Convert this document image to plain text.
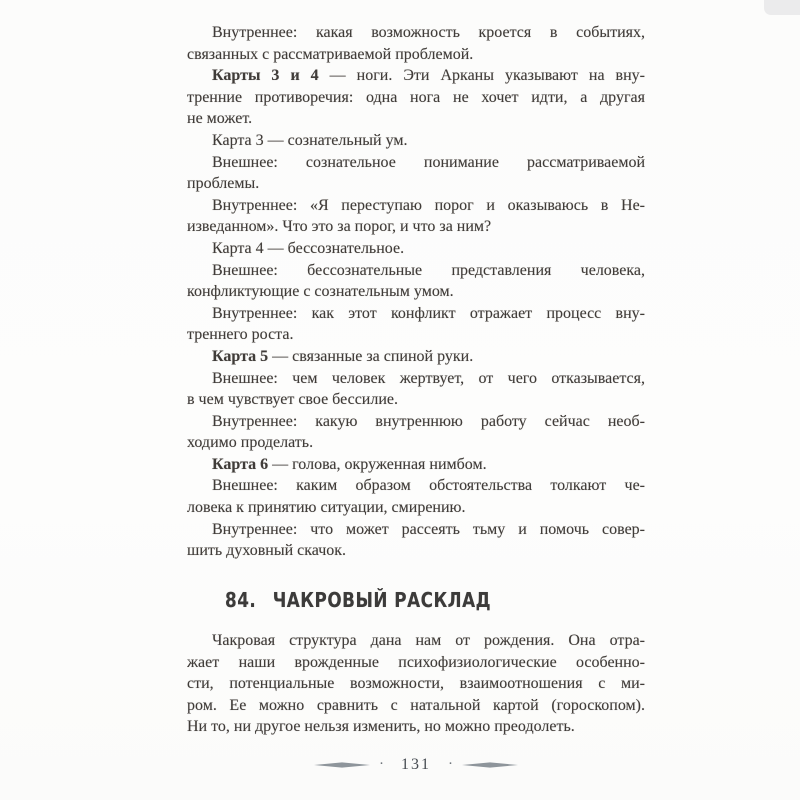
Внутреннее: какая возможность кроется в событиях,
связанных с рассматриваемой проблемой.
Карты 3 и 4 — ноги. Эти Арканы указывают на вну-
тренние противоречия: одна нога не хочет идти, а другая
не может.
Карта 3 — сознательный ум.
Внешнее: сознательное понимание рассматриваемой
проблемы.
Внутреннее: «Я переступаю порог и оказываюсь в Не-
изведанном». Что это за порог, и что за ним?
Карта 4 — бессознательное.
Внешнее: бессознательные представления человека,
конфликтующие с сознательным умом.
Внутреннее: как этот конфликт отражает процесс вну-
треннего роста.
Карта 5 — связанные за спиной руки.
Внешнее: чем человек жертвует, от чего отказывается,
в чем чувствует свое бессилие.
Внутреннее: какую внутреннюю работу сейчас необ-
ходимо проделать.
Карта 6 — голова, окруженная нимбом.
Внешнее: каким образом обстоятельства толкают че-
ловека к принятию ситуации, смирению.
Внутреннее: что может рассеять тьму и помочь совер-
шить духовный скачок.
84. ЧАКРОВЫЙ РАСКЛАД
Чакровая структура дана нам от рождения. Она отра-
жает наши врожденные психофизиологические особенно-
сти, потенциальные возможности, взаимоотношения с ми-
ром. Ее можно сравнить с натальной картой (гороскопом).
Ни то, ни другое нельзя изменить, но можно преодолеть.
· 131 ·
